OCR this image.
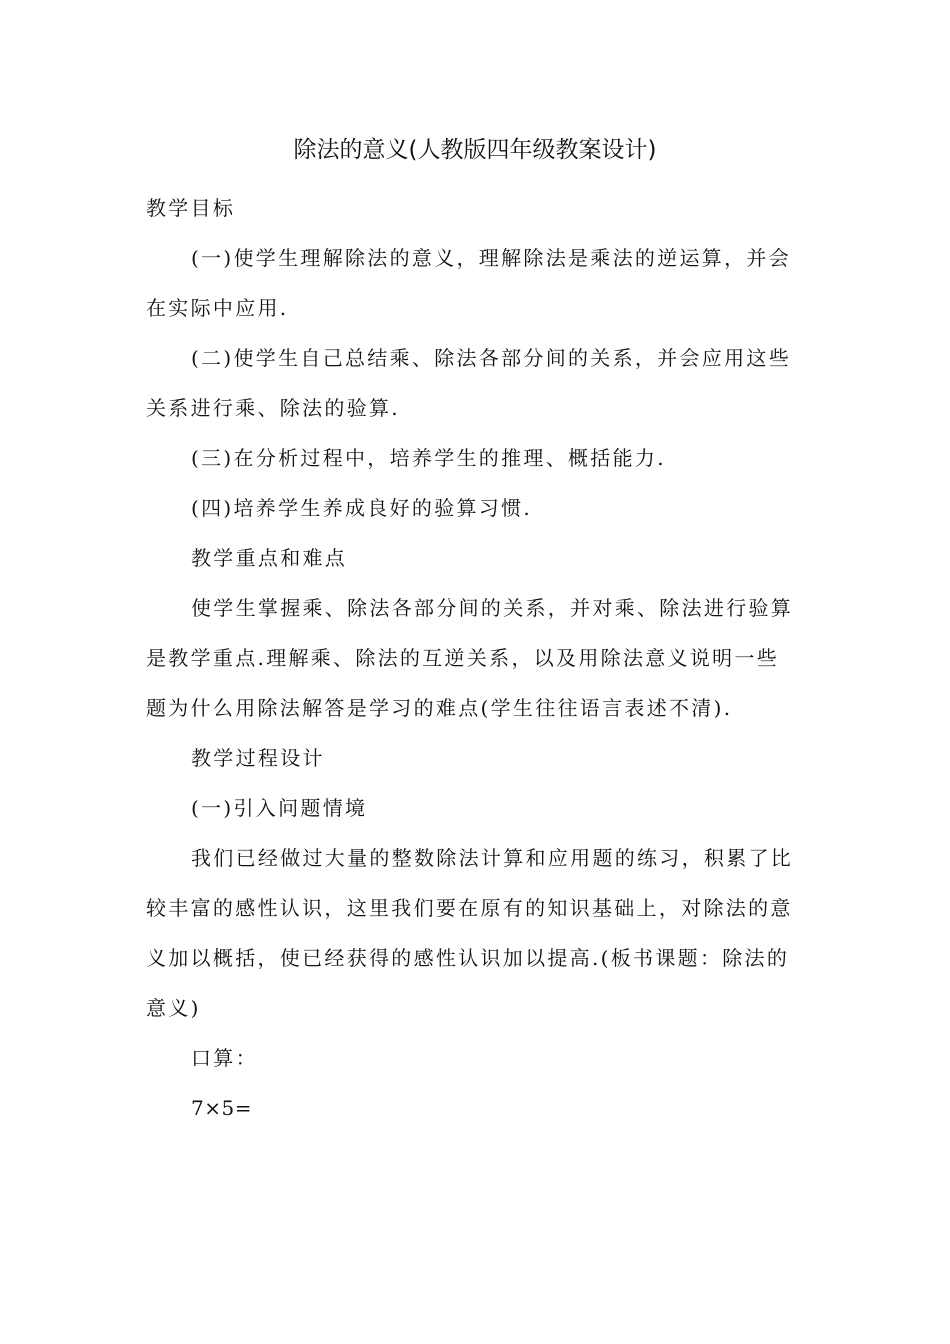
除法的意义(人教版四年级教案设计)

教学目标

(一)使学生理解除法的意义，理解除法是乘法的逆运算，并会

在实际中应用.

(二)使学生自己总结乘、除法各部分间的关系，并会应用这些

关系进行乘、除法的验算.

(三)在分析过程中，培养学生的推理、概括能力.

(四)培养学生养成良好的验算习惯.

教学重点和难点

使学生掌握乘、除法各部分间的关系，并对乘、除法进行验算

是教学重点.理解乘、除法的互逆关系，以及用除法意义说明一些

题为什么用除法解答是学习的难点(学生往往语言表述不清).

教学过程设计

(一)引入问题情境

我们已经做过大量的整数除法计算和应用题的练习，积累了比

较丰富的感性认识，这里我们要在原有的知识基础上，对除法的意

义加以概括，使已经获得的感性认识加以提高.(板书课题：除法的

意义)

口算：

7×5=
